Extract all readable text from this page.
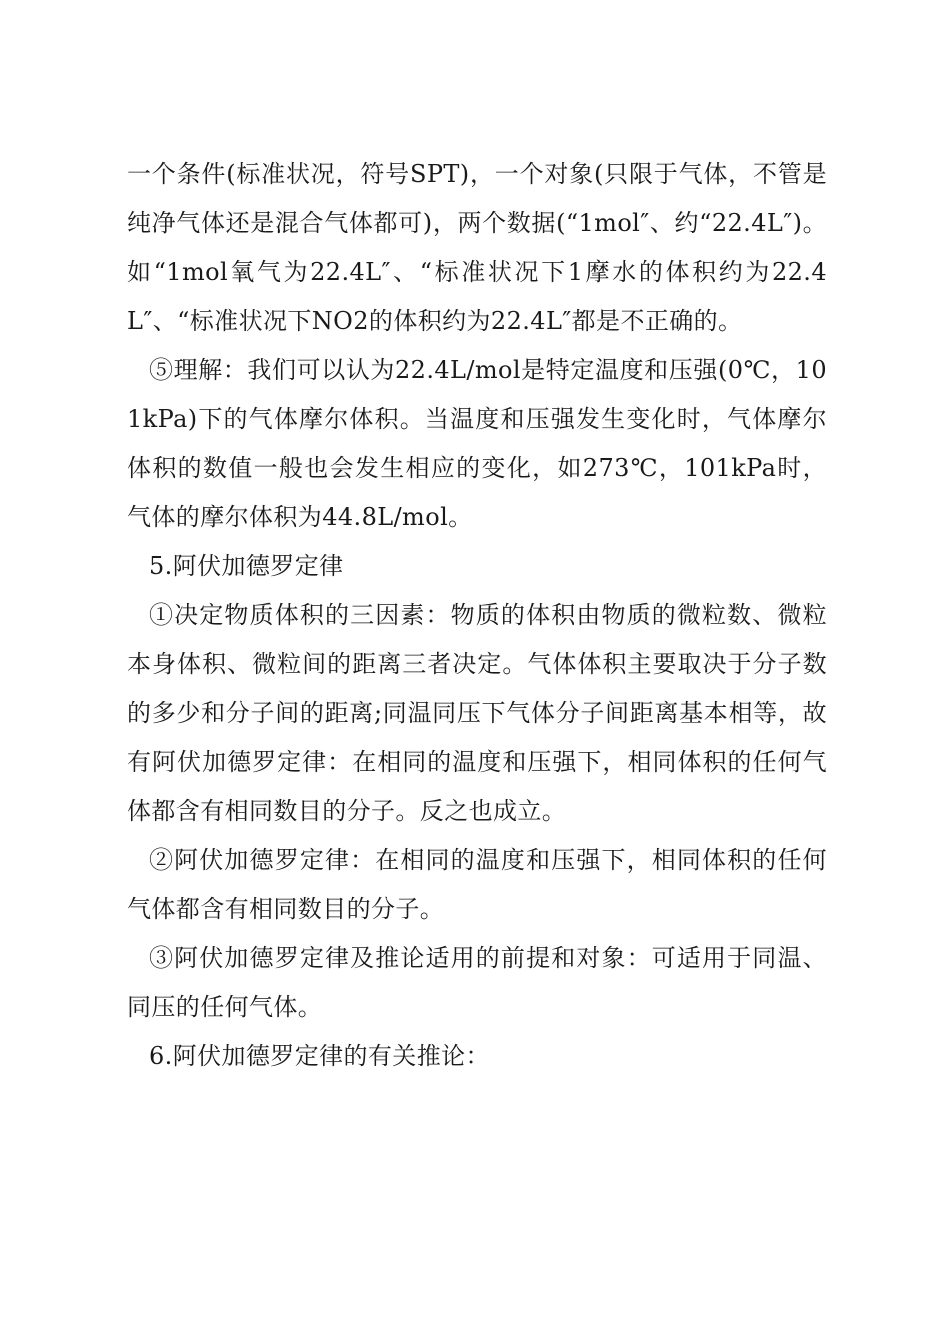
一个条件(标准状况，符号SPT)，一个对象(只限于气体，不管是纯净气体还是混合气体都可)，两个数据(“1mol″、约“22.4L″)。如“1mol氧气为22.4L″、“标准状况下1摩水的体积约为22.4L″、“标准状况下NO2的体积约为22.4L″都是不正确的。

⑤理解：我们可以认为22.4L/mol是特定温度和压强(0℃，101kPa)下的气体摩尔体积。当温度和压强发生变化时，气体摩尔体积的数值一般也会发生相应的变化，如273℃，101kPa时，气体的摩尔体积为44.8L/mol。

5.阿伏加德罗定律

①决定物质体积的三因素：物质的体积由物质的微粒数、微粒本身体积、微粒间的距离三者决定。气体体积主要取决于分子数的多少和分子间的距离;同温同压下气体分子间距离基本相等，故有阿伏加德罗定律：在相同的温度和压强下，相同体积的任何气体都含有相同数目的分子。反之也成立。

②阿伏加德罗定律：在相同的温度和压强下，相同体积的任何气体都含有相同数目的分子。

③阿伏加德罗定律及推论适用的前提和对象：可适用于同温、同压的任何气体。

6.阿伏加德罗定律的有关推论：
